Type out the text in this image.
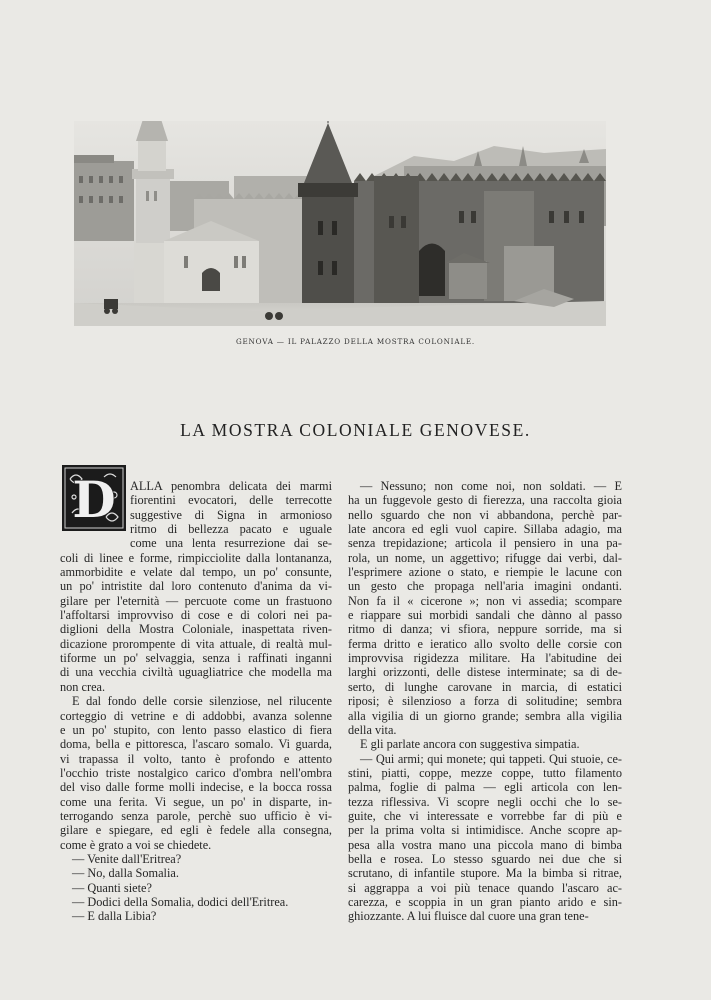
GENOVA — IL PALAZZO DELLA MOSTRA COLONIALE.
LA MOSTRA COLONIALE GENOVESE.
D	ALLA penombra delicata dei marmi
fiorentini evocatori, delle terrecotte
suggestive di Signa in armonioso
ritmo di bellezza pacato e uguale
come una lenta resurrezione dai se-
coli di linee e forme, rimpicciolite dalla lontananza,
ammorbidite e velate dal tempo, un po' consunte,
un po' intristite dal loro contenuto d'anima da vi-
gilare per l'eternità — percuote come un frastuono
l'affoltarsi improvviso di cose e di colori nei pa-
diglioni della Mostra Coloniale, inaspettata riven-
dicazione prorompente di vita attuale, di realtà mul-
tiforme un po' selvaggia, senza i raffinati inganni
di una vecchia civiltà uguagliatrice che modella ma
non crea.
E dal fondo delle corsie silenziose, nel rilucente
corteggio di vetrine e di addobbi, avanza solenne
e un po' stupito, con lento passo elastico di fiera
doma, bella e pittoresca, l'ascaro somalo. Vi guarda,
vi trapassa il volto, tanto è profondo e attento
l'occhio triste nostalgico carico d'ombra nell'ombra
del viso dalle forme molli indecise, e la bocca rossa
come una ferita. Vi segue, un po' in disparte, in-
terrogando senza parole, perchè suo ufficio è vi-
gilare e spiegare, ed egli è fedele alla consegna,
come è grato a voi se chiedete.
— Venite dall'Eritrea?
— No, dalla Somalia.
— Quanti siete?
— Dodici della Somalia, dodici dell'Eritrea.
— E dalla Libia?
— Nessuno; non come noi, non soldati. — E
ha un fuggevole gesto di fierezza, una raccolta gioia
nello sguardo che non vi abbandona, perchè par-
late ancora ed egli vuol capire. Sillaba adagio, ma
senza trepidazione; articola il pensiero in una pa-
rola, un nome, un aggettivo; rifugge dai verbi, dal-
l'esprimere azione o stato, e riempie le lacune con
un gesto che propaga nell'aria imagini ondanti.
Non fa il « cicerone »; non vi assedia; scompare
e riappare sui morbidi sandali che dànno al passo
ritmo di danza; vi sfiora, neppure sorride, ma si
ferma dritto e ieratico allo svolto delle corsie con
improvvisa rigidezza militare. Ha l'abitudine dei
larghi orizzonti, delle distese interminate; sa di de-
serto, di lunghe carovane in marcia, di estatici
riposi; è silenzioso a forza di solitudine; sembra
alla vigilia di un giorno grande; sembra alla vigilia
della vita.
E gli parlate ancora con suggestiva simpatia.
— Qui armi; qui monete; qui tappeti. Qui stuoie, ce-
stini, piatti, coppe, mezze coppe, tutto filamento
palma, foglie di palma — egli articola con len-
tezza riflessiva. Vi scopre negli occhi che lo se-
guite, che vi interessate e vorrebbe far di più e
per la prima volta si intimidisce. Anche scopre ap-
pesa alla vostra mano una piccola mano di bimba
bella e rosea. Lo stesso sguardo nei due che si
scrutano, di infantile stupore. Ma la bimba si ritrae,
si aggrappa a voi più tenace quando l'ascaro ac-
carezza, e scoppia in un gran pianto arido e sin-
ghiozzante. A lui fluisce dal cuore una gran tene-
